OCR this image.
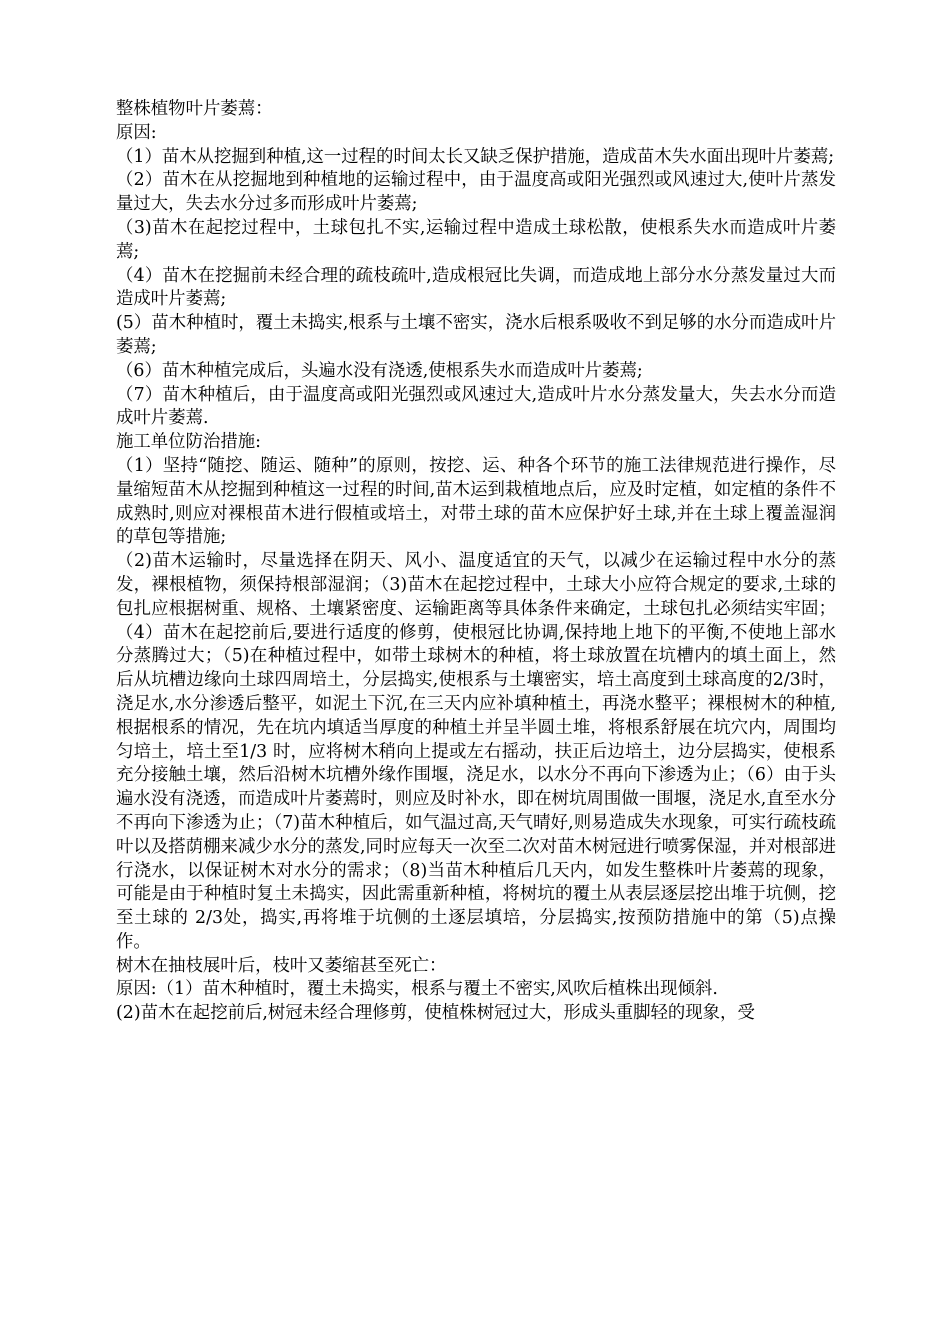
整株植物叶片萎蔫：

原因:

（1）苗木从挖掘到种植,这一过程的时间太长又缺乏保护措施，造成苗木失水面出现叶片萎蔫;

（2）苗木在从挖掘地到种植地的运输过程中，由于温度高或阳光强烈或风速过大,使叶片蒸发量过大，失去水分过多而形成叶片萎蔫;

（3)苗木在起挖过程中，土球包扎不实,运输过程中造成土球松散，使根系失水而造成叶片萎蔫;

（4）苗木在挖掘前未经合理的疏枝疏叶,造成根冠比失调，而造成地上部分水分蒸发量过大而造成叶片萎蔫;

(5）苗木种植时，覆土未捣实,根系与土壤不密实，浇水后根系吸收不到足够的水分而造成叶片萎蔫;

（6）苗木种植完成后，头遍水没有浇透,使根系失水而造成叶片萎蔫;

（7）苗木种植后，由于温度高或阳光强烈或风速过大,造成叶片水分蒸发量大，失去水分而造成叶片萎蔫.

施工单位防治措施:

（1）坚持“随挖、随运、随种”的原则，按挖、运、种各个环节的施工法律规范进行操作，尽量缩短苗木从挖掘到种植这一过程的时间,苗木运到栽植地点后，应及时定植，如定植的条件不成熟时,则应对裸根苗木进行假植或培土，对带土球的苗木应保护好土球,并在土球上覆盖湿润的草包等措施;

（2)苗木运输时，尽量选择在阴天、风小、温度适宜的天气，以减少在运输过程中水分的蒸发，裸根植物，须保持根部湿润；（3)苗木在起挖过程中，土球大小应符合规定的要求,土球的包扎应根据树重、规格、土壤紧密度、运输距离等具体条件来确定，土球包扎必须结实牢固；（4）苗木在起挖前后,要进行适度的修剪，使根冠比协调,保持地上地下的平衡,不使地上部水分蒸腾过大；（5)在种植过程中，如带土球树木的种植，将土球放置在坑槽内的填土面上，然后从坑槽边缘向土球四周培土，分层捣实,使根系与土壤密实，培土高度到土球高度的2/3时，浇足水,水分渗透后整平，如泥土下沉,在三天内应补填种植土，再浇水整平；裸根树木的种植,根据根系的情况，先在坑内填适当厚度的种植土并呈半圆土堆，将根系舒展在坑穴内，周围均匀培土，培土至1/3 时，应将树木稍向上提或左右摇动，扶正后边培土，边分层捣实，使根系充分接触土壤，然后沿树木坑槽外缘作围堰，浇足水，以水分不再向下渗透为止；（6）由于头遍水没有浇透，而造成叶片萎蔫时，则应及时补水，即在树坑周围做一围堰，浇足水,直至水分不再向下渗透为止；（7)苗木种植后，如气温过高,天气晴好,则易造成失水现象，可实行疏枝疏叶以及搭荫棚来减少水分的蒸发,同时应每天一次至二次对苗木树冠进行喷雾保湿，并对根部进行浇水，以保证树木对水分的需求；（8)当苗木种植后几天内，如发生整株叶片萎蔫的现象，可能是由于种植时复土未捣实，因此需重新种植，将树坑的覆土从表层逐层挖出堆于坑侧，挖至土球的 2/3处，捣实,再将堆于坑侧的土逐层填培，分层捣实,按预防措施中的第（5)点操作。

树木在抽枝展叶后，枝叶又萎缩甚至死亡：

原因:（1）苗木种植时，覆土未捣实，根系与覆土不密实,风吹后植株出现倾斜.

(2)苗木在起挖前后,树冠未经合理修剪，使植株树冠过大，形成头重脚轻的现象，受
